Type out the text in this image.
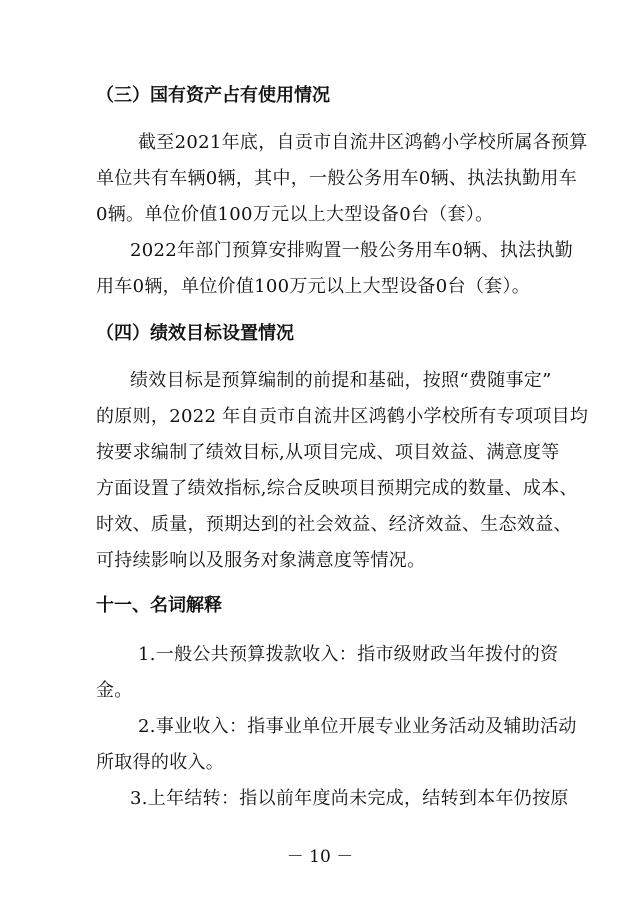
（三）国有资产占有使用情况
截至2021年底，自贡市自流井区鸿鹤小学校所属各预算
单位共有车辆0辆，其中，一般公务用车0辆、执法执勤用车
0辆。单位价值100万元以上大型设备0台（套）。
2022年部门预算安排购置一般公务用车0辆、执法执勤
用车0辆，单位价值100万元以上大型设备0台（套）。
（四）绩效目标设置情况
绩效目标是预算编制的前提和基础，按照“费随事定”
的原则，2022 年自贡市自流井区鸿鹤小学校所有专项项目均
按要求编制了绩效目标,从项目完成、项目效益、满意度等
方面设置了绩效指标,综合反映项目预期完成的数量、成本、
时效、质量，预期达到的社会效益、经济效益、生态效益、
可持续影响以及服务对象满意度等情况。
十一、名词解释
1.一般公共预算拨款收入：指市级财政当年拨付的资
金。
2.事业收入：指事业单位开展专业业务活动及辅助活动
所取得的收入。
3.上年结转：指以前年度尚未完成，结转到本年仍按原
－ 10 －
